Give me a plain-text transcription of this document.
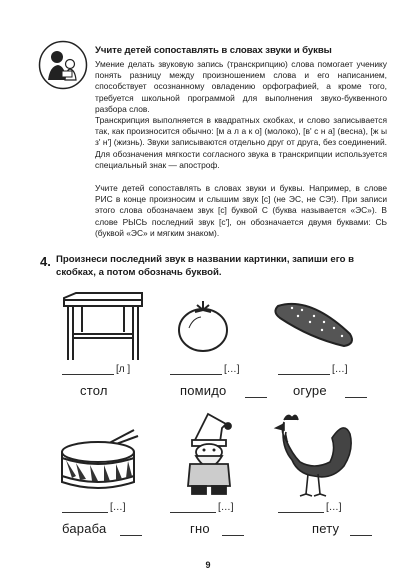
Учите детей сопоставлять в словах звуки и буквы
Умение делать звуковую запись (транскрипцию) слова помогает ученику понять разницу между произношением слова и его написанием, способствует осознанному овладению орфографией, а кроме того, требуется школьной программой для выполнения звуко-буквенного разбора слов.
Транскрипция выполняется в квадратных скобках, и слово записывается так, как произносится обычно: [м а л а к о] (молоко), [в' с н а] (весна), [ж ы з' н'] (жизнь). Звуки записываются отдельно друг от друга, без соединений. Для обозначения мягкости согласного звука в транскрипции используется специальный знак — апостроф.
Учите детей сопоставлять в словах звуки и буквы. Например, в слове РИС в конце произносим и слышим звук [с] (не ЭС, не СЭ!). При записи этого слова обозначаем звук [с] буквой С (буква называется «ЭС»). В слове РЫСЬ последний звук [с'], он обозначается двумя буквами: СЬ (буквой «ЭС» и мягким знаком).
4. Произнеси последний звук в названии картинки, запиши его в скобках, а потом обозначь буквой.
[л ]	[…]	[…]
стол	помидо	огуре
[…]	[…]	[…]
бараба	гно	пету
9
